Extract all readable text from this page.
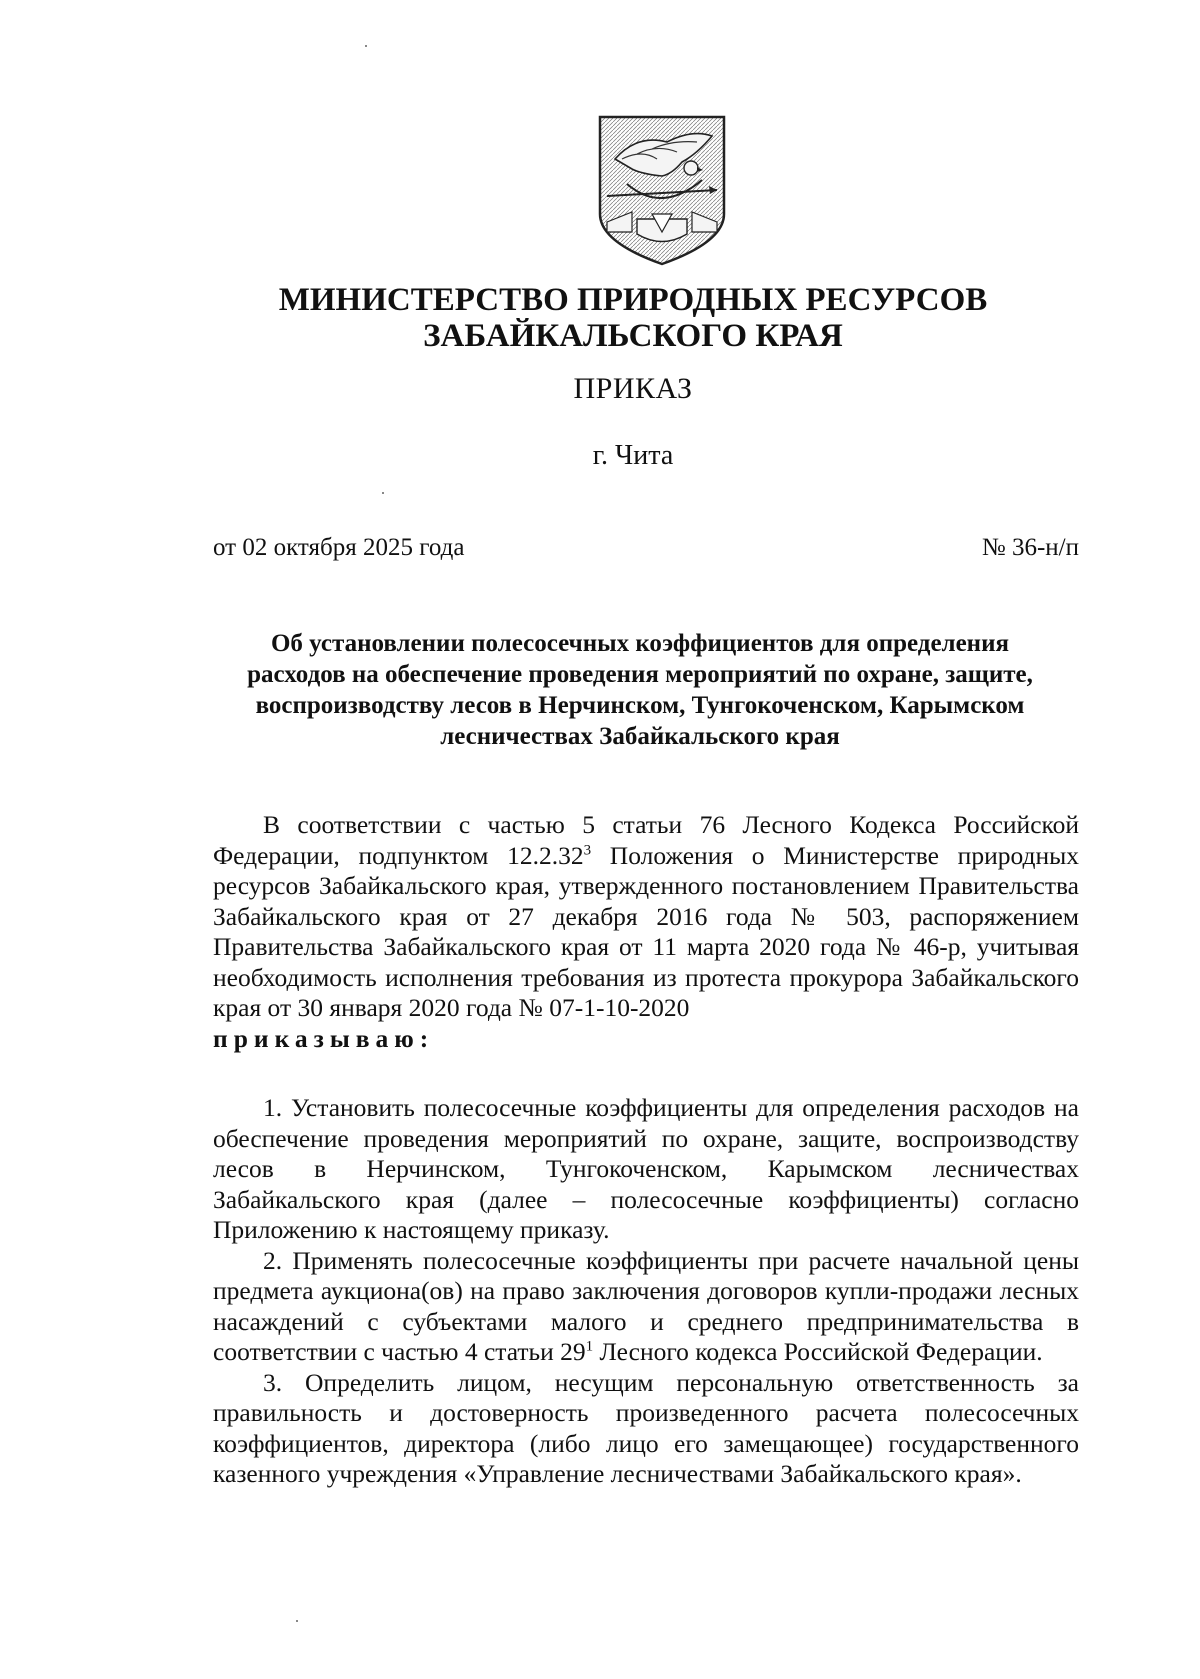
МИНИСТЕРСТВО ПРИРОДНЫХ РЕСУРСОВ
ЗАБАЙКАЛЬСКОГО КРАЯ
ПРИКАЗ
г. Чита
от 02 октября 2025 года	№ 36-н/п
Об установлении полесосечных коэффициентов для определения
расходов на обеспечение проведения мероприятий по охране, защите,
воспроизводству лесов в Нерчинском, Тунгокоченском, Карымском
лесничествах Забайкальского края

В соответствии с частью 5 статьи 76 Лесного Кодекса Российской Федерации, подпунктом 12.2.32$^3$ Положения о Министерстве природных ресурсов Забайкальского края, утвержденного постановлением Правительства Забайкальского края от 27 декабря 2016 года № 503, распоряжением Правительства Забайкальского края от 11 марта 2020 года № 46-р, учитывая необходимость исполнения требования из протеста прокурора Забайкальского края от 30 января 2020 года № 07-1-10-2020
приказываю:

1. Установить полесосечные коэффициенты для определения расходов на обеспечение проведения мероприятий по охране, защите, воспроизводству лесов в Нерчинском, Тунгокоченском, Карымском лесничествах Забайкальского края (далее – полесосечные коэффициенты) согласно Приложению к настоящему приказу.

2. Применять полесосечные коэффициенты при расчете начальной цены предмета аукциона(ов) на право заключения договоров купли-продажи лесных насаждений с субъектами малого и среднего предпринимательства в соответствии с частью 4 статьи $29^1$ Лесного кодекса Российской Федерации.

3. Определить лицом, несущим персональную ответственность за правильность и достоверность произведенного расчета полесосечных коэффициентов, директора (либо лицо его замещающее) государственного казенного учреждения «Управление лесничествами Забайкальского края».
